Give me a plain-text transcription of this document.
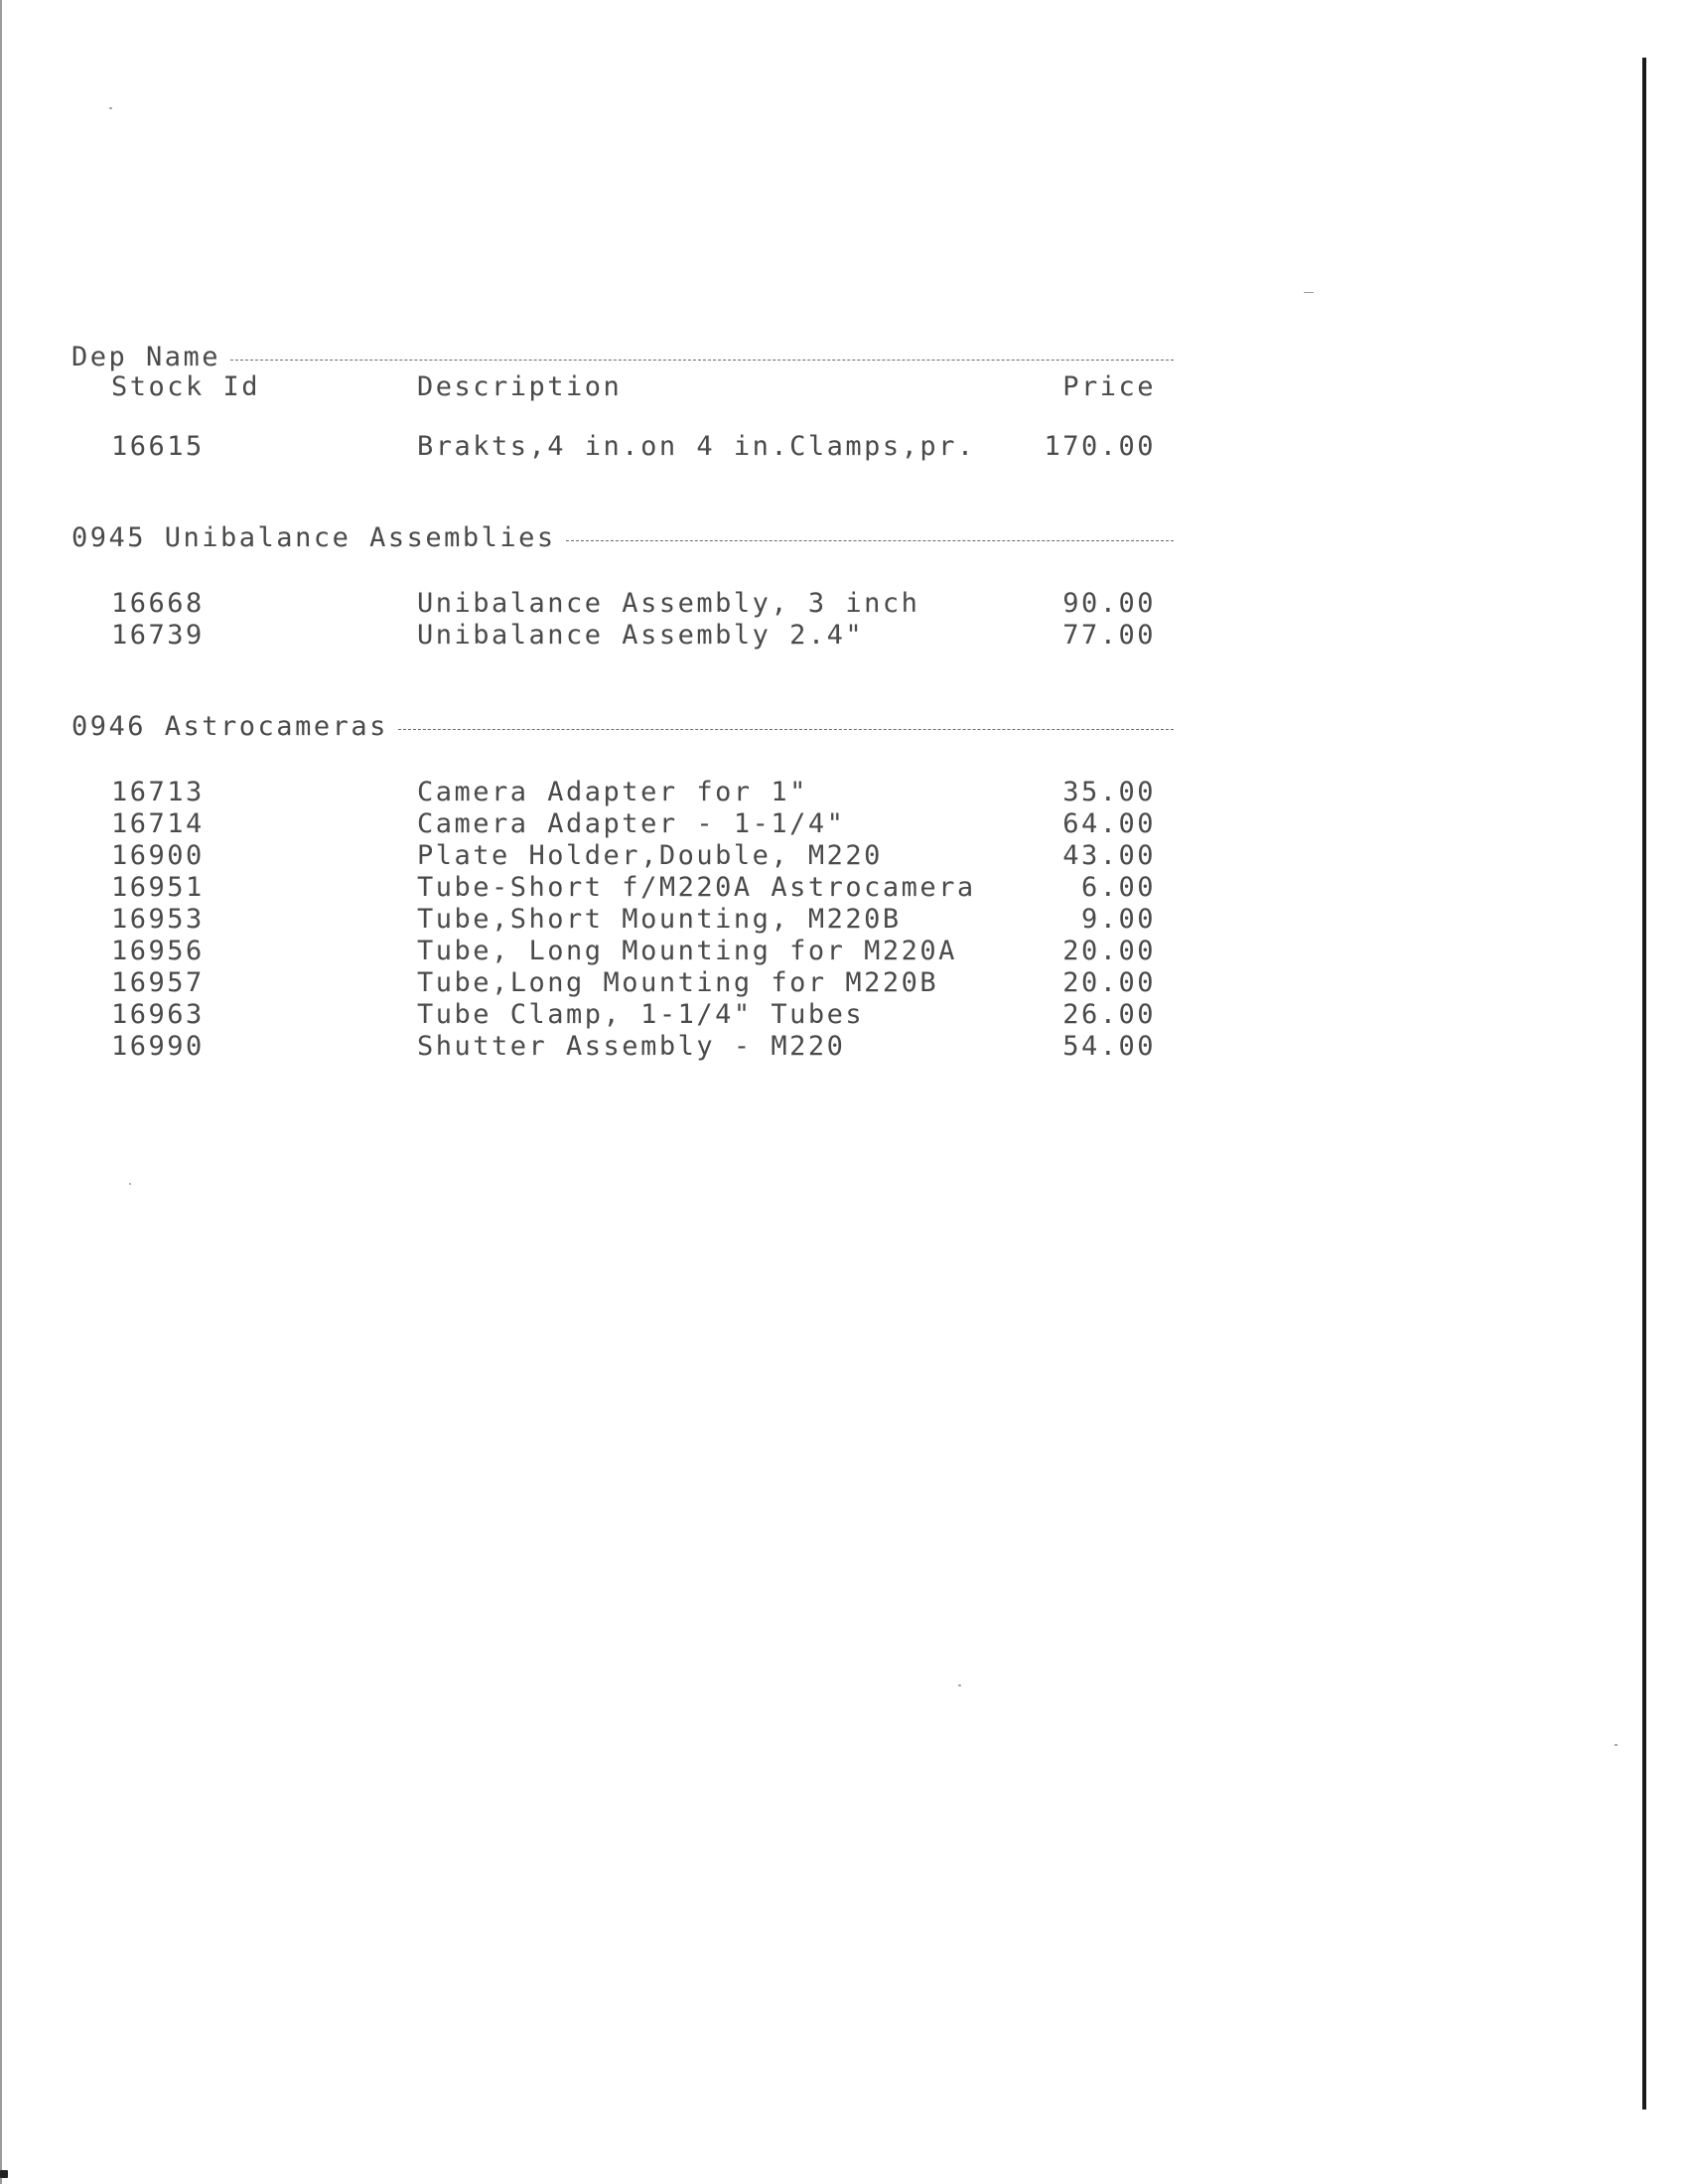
Dep Name
Stock Id	Description	Price
16615	Brakts,4 in.on 4 in.Clamps,pr.	170.00
0945 Unibalance Assemblies
16668	Unibalance Assembly, 3 inch	90.00
16739	Unibalance Assembly 2.4"	77.00
0946 Astrocameras
16713	Camera Adapter for 1"	35.00
16714	Camera Adapter - 1-1/4"	64.00
16900	Plate Holder,Double, M220	43.00
16951	Tube-Short f/M220A Astrocamera	6.00
16953	Tube,Short Mounting, M220B	9.00
16956	Tube, Long Mounting for M220A	20.00
16957	Tube,Long Mounting for M220B	20.00
16963	Tube Clamp, 1-1/4" Tubes	26.00
16990	Shutter Assembly - M220	54.00
